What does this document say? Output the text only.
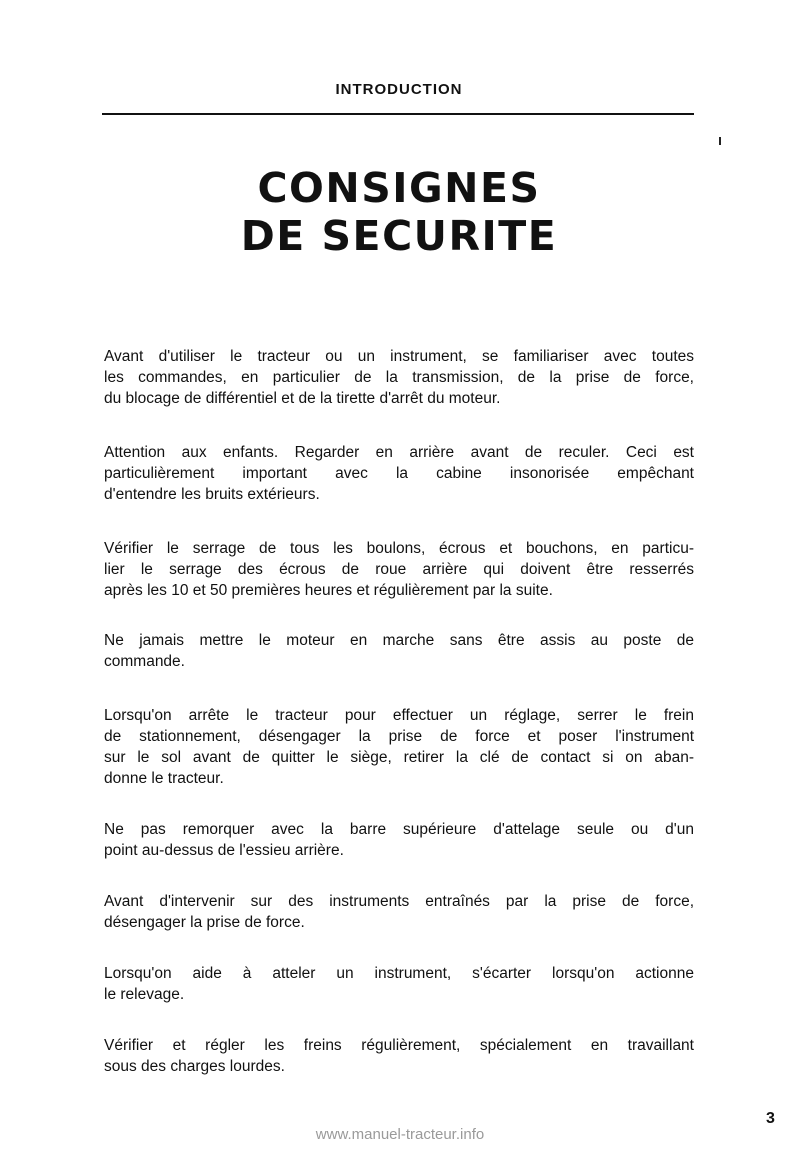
INTRODUCTION
CONSIGNES
DE SECURITE
Avant d'utiliser le tracteur ou un instrument, se familiariser avec toutes
les commandes, en particulier de la transmission, de la prise de force,
du blocage de différentiel et de la tirette d'arrêt du moteur.
Attention aux enfants. Regarder en arrière avant de reculer. Ceci est
particulièrement important avec la cabine insonorisée empêchant
d'entendre les bruits extérieurs.
Vérifier le serrage de tous les boulons, écrous et bouchons, en particu-
lier le serrage des écrous de roue arrière qui doivent être resserrés
après les 10 et 50 premières heures et régulièrement par la suite.
Ne jamais mettre le moteur en marche sans être assis au poste de
commande.
Lorsqu'on arrête le tracteur pour effectuer un réglage, serrer le frein
de stationnement, désengager la prise de force et poser l'instrument
sur le sol avant de quitter le siège, retirer la clé de contact si on aban-
donne le tracteur.
Ne pas remorquer avec la barre supérieure d'attelage seule ou d'un
point au-dessus de l'essieu arrière.
Avant d'intervenir sur des instruments entraînés par la prise de force,
désengager la prise de force.
Lorsqu'on aide à atteler un instrument, s'écarter lorsqu'on actionne
le relevage.
Vérifier et régler les freins régulièrement, spécialement en travaillant
sous des charges lourdes.
3
www.manuel-tracteur.info
